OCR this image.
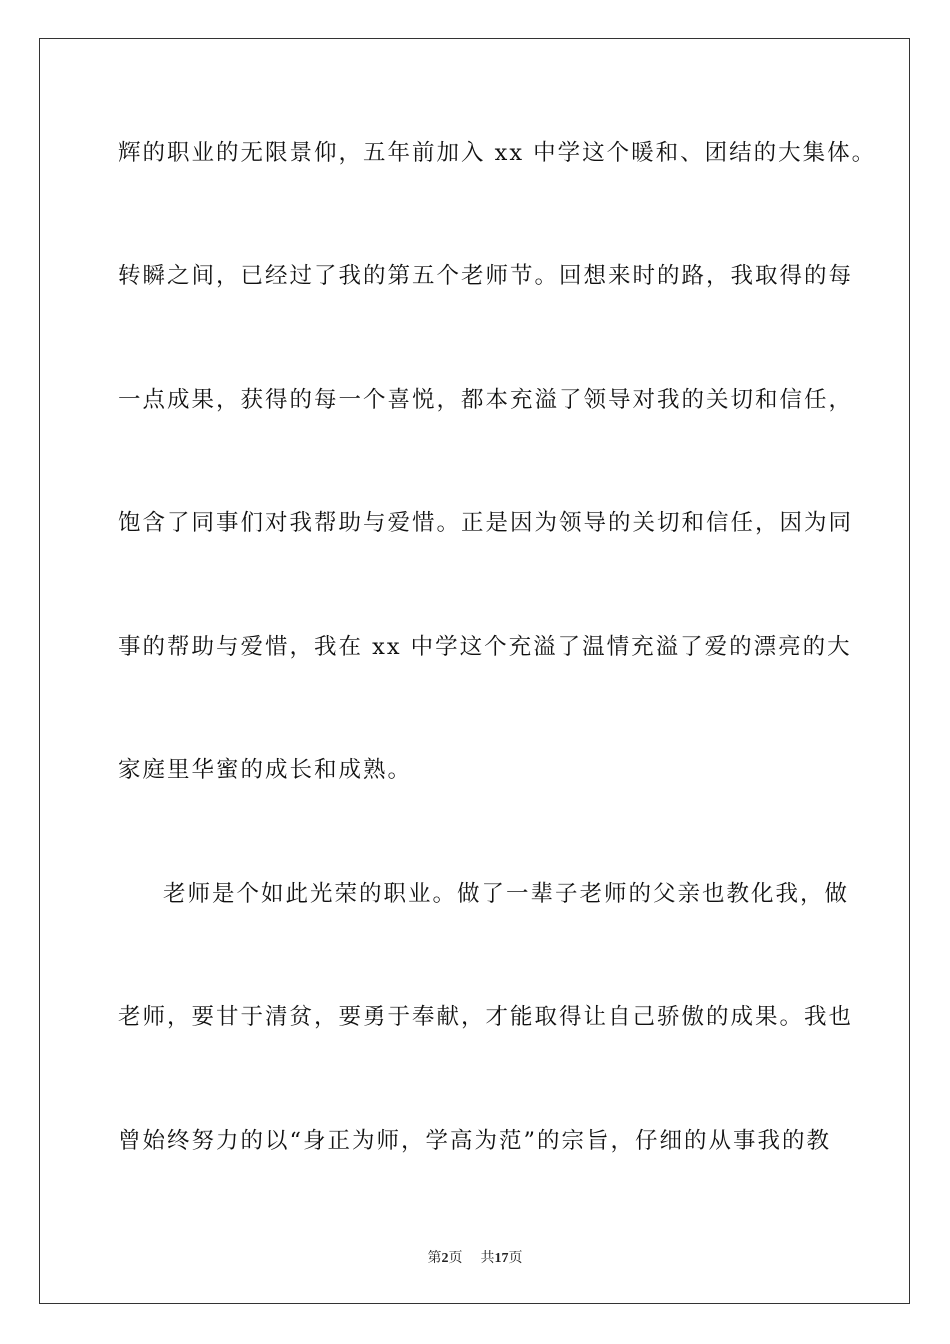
辉的职业的无限景仰，五年前加入 xx 中学这个暖和、团结的大集体。

转瞬之间，已经过了我的第五个老师节。回想来时的路，我取得的每

一点成果，获得的每一个喜悦，都本充溢了领导对我的关切和信任，

饱含了同事们对我帮助与爱惜。正是因为领导的关切和信任，因为同

事的帮助与爱惜，我在 xx 中学这个充溢了温情充溢了爱的漂亮的大

家庭里华蜜的成长和成熟。

老师是个如此光荣的职业。做了一辈子老师的父亲也教化我，做

老师，要甘于清贫，要勇于奉献，才能取得让自己骄傲的成果。我也

曾始终努力的以“身正为师，学高为范”的宗旨，仔细的从事我的教

第2页 共17页
